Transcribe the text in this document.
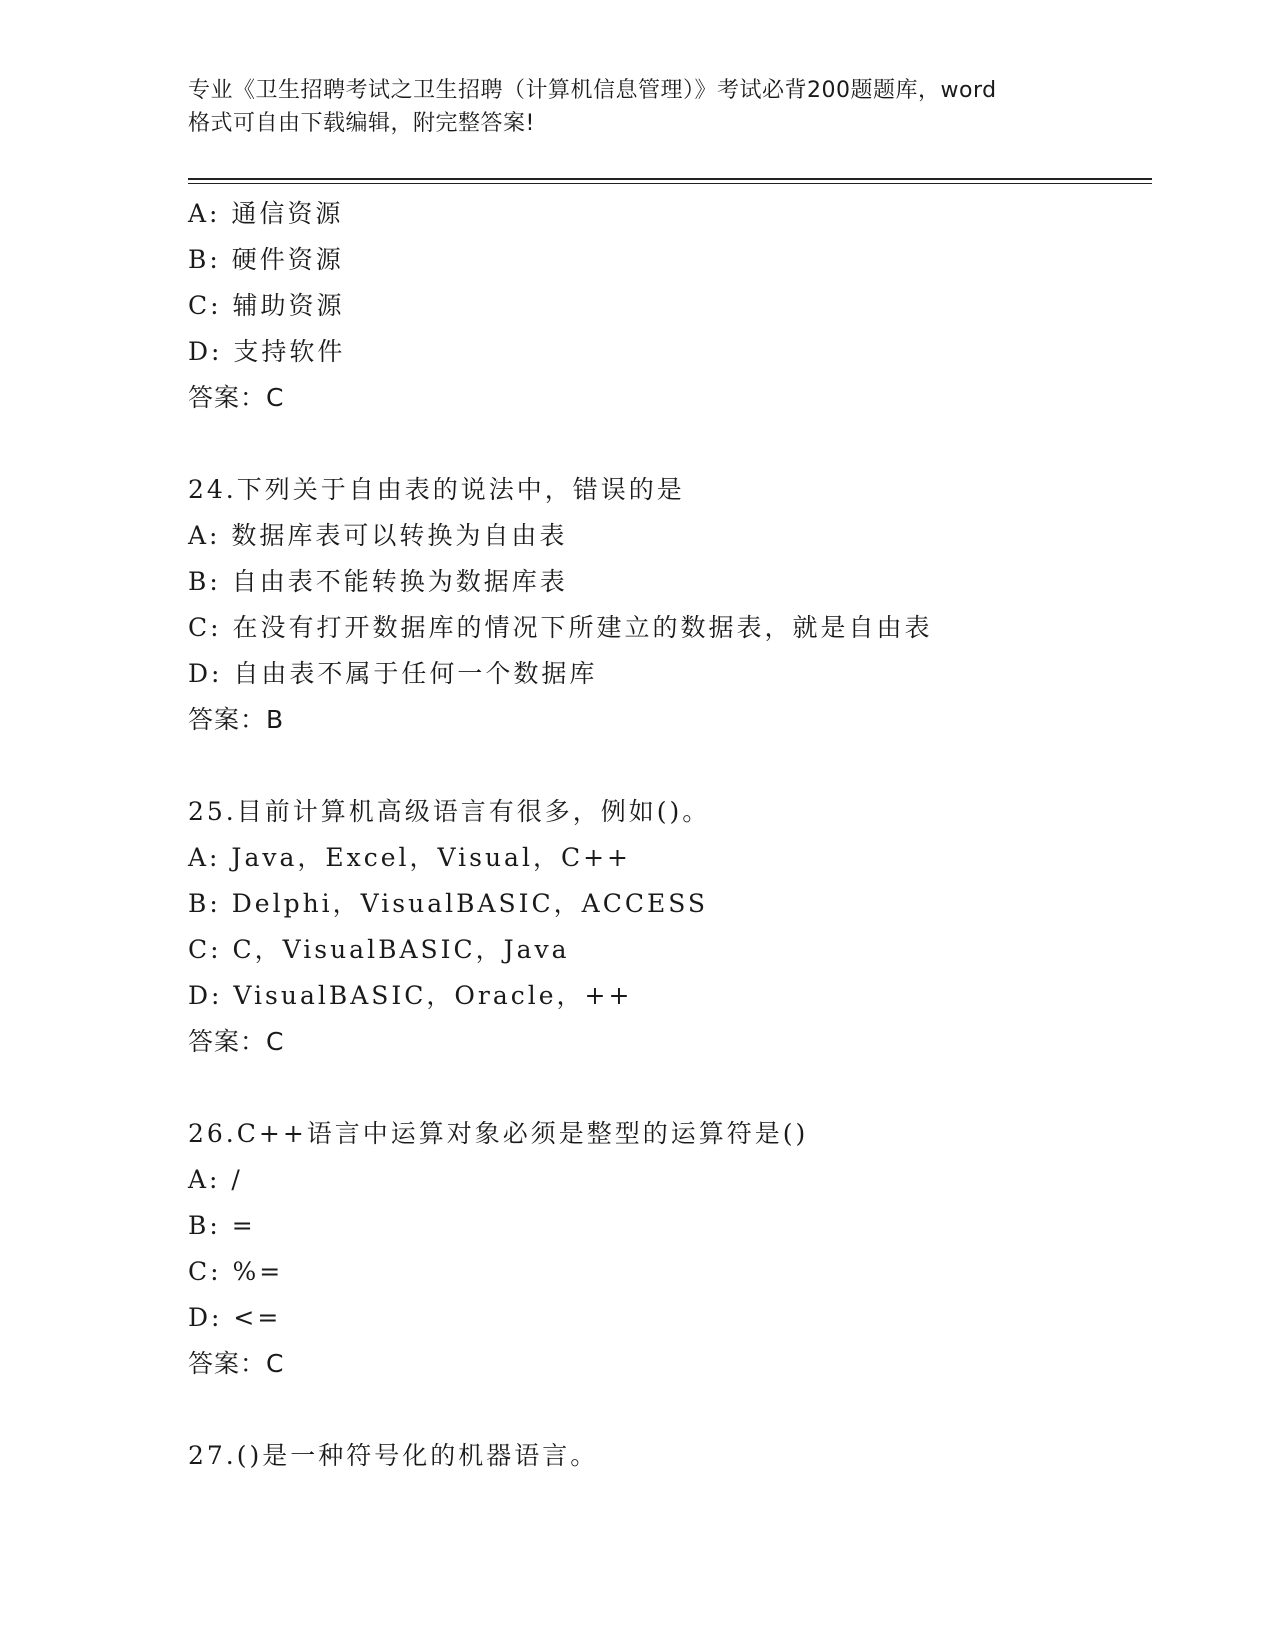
专业《卫生招聘考试之卫生招聘（计算机信息管理）》考试必背200题题库，word
格式可自由下载编辑，附完整答案!
A: 通信资源
B: 硬件资源
C: 辅助资源
D: 支持软件
答案：C
24.下列关于自由表的说法中，错误的是
A: 数据库表可以转换为自由表
B: 自由表不能转换为数据库表
C: 在没有打开数据库的情况下所建立的数据表，就是自由表
D: 自由表不属于任何一个数据库
答案：B
25.目前计算机高级语言有很多，例如()。
A: Java，Excel，Visual，C++
B: Delphi，VisualBASIC，ACCESS
C: C，VisualBASIC，Java
D: VisualBASIC，Oracle，++
答案：C
26.C++语言中运算对象必须是整型的运算符是()
A: /
B: =
C: %=
D: <=
答案：C
27.()是一种符号化的机器语言。
